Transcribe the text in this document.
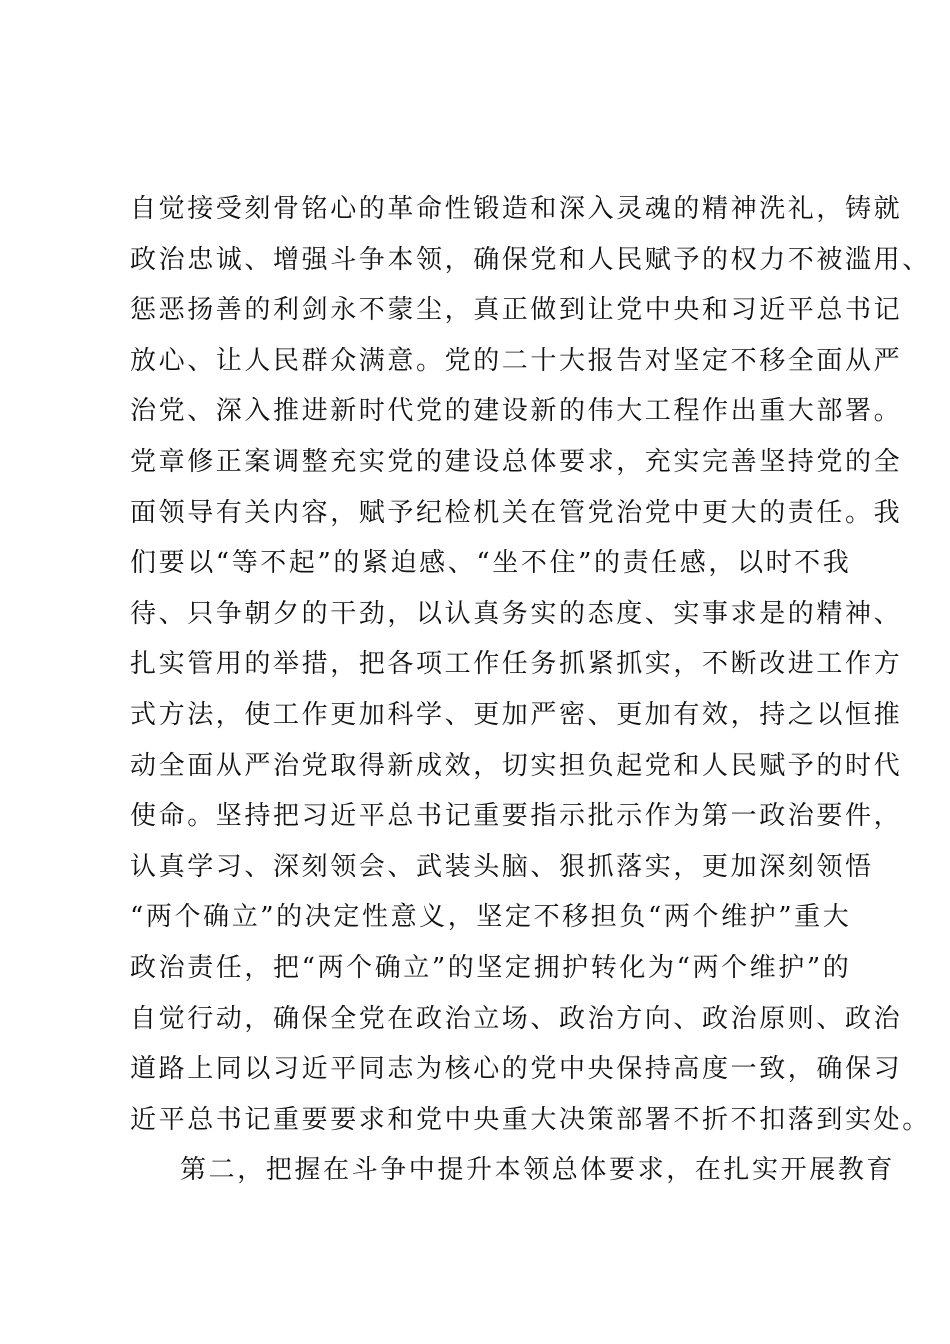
自觉接受刻骨铭心的革命性锻造和深入灵魂的精神洗礼，铸就

政治忠诚、增强斗争本领，确保党和人民赋予的权力不被滥用、

惩恶扬善的利剑永不蒙尘，真正做到让党中央和习近平总书记

放心、让人民群众满意。党的二十大报告对坚定不移全面从严

治党、深入推进新时代党的建设新的伟大工程作出重大部署。

党章修正案调整充实党的建设总体要求，充实完善坚持党的全

面领导有关内容，赋予纪检机关在管党治党中更大的责任。我

们要以“等不起”的紧迫感、“坐不住”的责任感，以时不我

待、只争朝夕的干劲，以认真务实的态度、实事求是的精神、

扎实管用的举措，把各项工作任务抓紧抓实，不断改进工作方

式方法，使工作更加科学、更加严密、更加有效，持之以恒推

动全面从严治党取得新成效，切实担负起党和人民赋予的时代

使命。坚持把习近平总书记重要指示批示作为第一政治要件，

认真学习、深刻领会、武装头脑、狠抓落实，更加深刻领悟

“两个确立”的决定性意义，坚定不移担负“两个维护”重大

政治责任，把“两个确立”的坚定拥护转化为“两个维护”的

自觉行动，确保全党在政治立场、政治方向、政治原则、政治

道路上同以习近平同志为核心的党中央保持高度一致，确保习

近平总书记重要要求和党中央重大决策部署不折不扣落到实处。

第二，把握在斗争中提升本领总体要求，在扎实开展教育
